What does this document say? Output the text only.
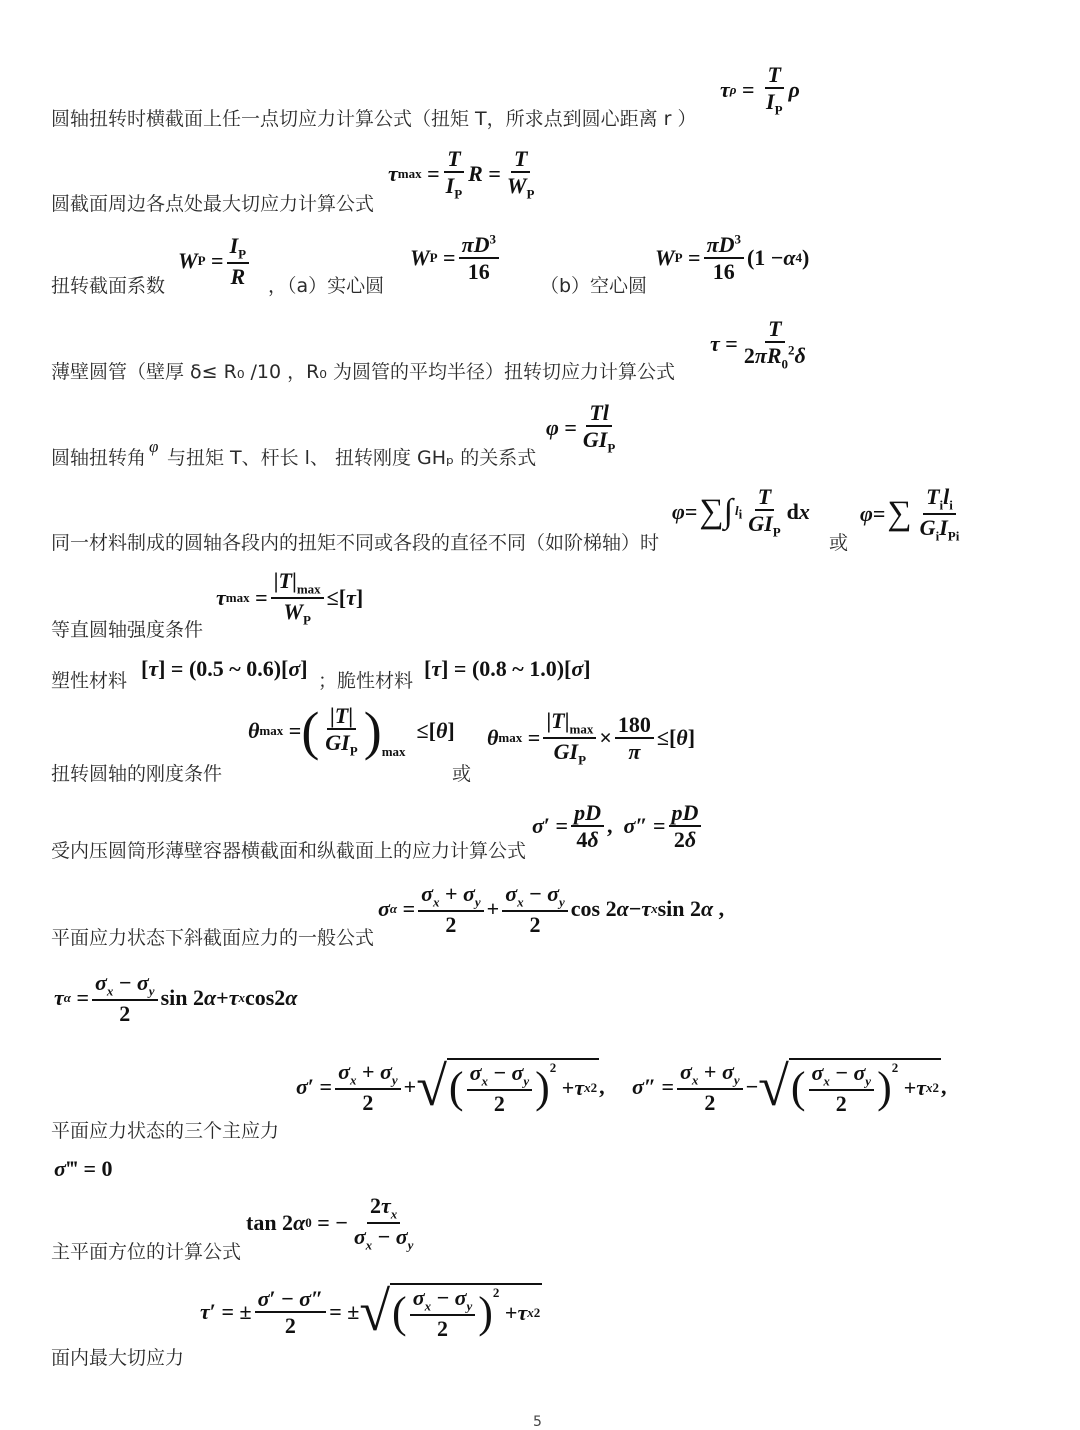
圆轴扭转时横截面上任一点切应力计算公式（扭矩 T，所求点到圆心距离 r ）
τ ρ =
T
$I_P$
ρ
圆截面周边各点处最大切应力计算公式
τ max =
T
$I_P$
R =
T
$W_P$
扭转截面系数
W P =
$I_P$
R ，（a）实心圆
W P =
$\pi D^3$
16
（b）空心圆
W P =
$\pi D^3$
16
(1 − α 4 )
薄壁圆管（壁厚 δ≤ R₀ /10 ，R₀ 为圆管的平均半径）扭转切应力计算公式
τ =
T
$2\pi R_0^2\delta$
圆轴扭转角
φ
与扭矩 T、杆长 l、 扭转刚度 GHₚ 的关系式
φ =
Tl
$GI_P$
同一材料制成的圆轴各段内的扭矩不同或各段的直径不同（如阶梯轴）时
φ = ∑∫ $l_i$
T
$GI_P$
d x
或
φ = ∑ $T_il_i$
$G_iI_{Pi}$
等直圆轴强度条件
τ max =
$|T|_{max}$
$W_P$
≤[ τ ]
塑性材料 [ τ ] = (0.5 ~ 0.6)[ σ ] ；脆性材料 [ τ ] = (0.8 ~ 1.0)[ σ ]
扭转圆轴的刚度条件
θ max = ( |T|
$GI_P$ )$_{max}$
≤[ θ ]
或
θ max =
$|T|_{max}$
$GI_P$
×
180
π
≤[ θ ]
受内压圆筒形薄壁容器横截面和纵截面上的应力计算公式
σ ′ =
pD
4δ
, σ ″ =
pD
2δ
平面应力状态下斜截面应力的一般公式
σ α =
$\sigma_x + \sigma_y$
2
+
$\sigma_x - \sigma_y$
2
cos 2 α − τ x sin 2 α ,
τ α =
$\sigma_x - \sigma_y$
2
sin 2 α + τ x cos2 α
平面应力状态的三个主应力
σ ′ =
$\sigma_x + \sigma_y$
2
+ √ ( $\sigma_x - \sigma_y$
2 )$^2$
+ τ x 2 , σ ″ =
$\sigma_x + \sigma_y$
2
− √ ( $\sigma_x - \sigma_y$
2 )$^2$
+ τ x 2 ,
σ ‴ = 0
主平面方位的计算公式
tan 2 α 0 = −
$2\tau_x$
$\sigma_x - \sigma_y$
面内最大切应力
τ ′ = ±
σ′ − σ″
2
= ± √ ( $\sigma_x - \sigma_y$
2 )$^2$
+ τ x 2
5
